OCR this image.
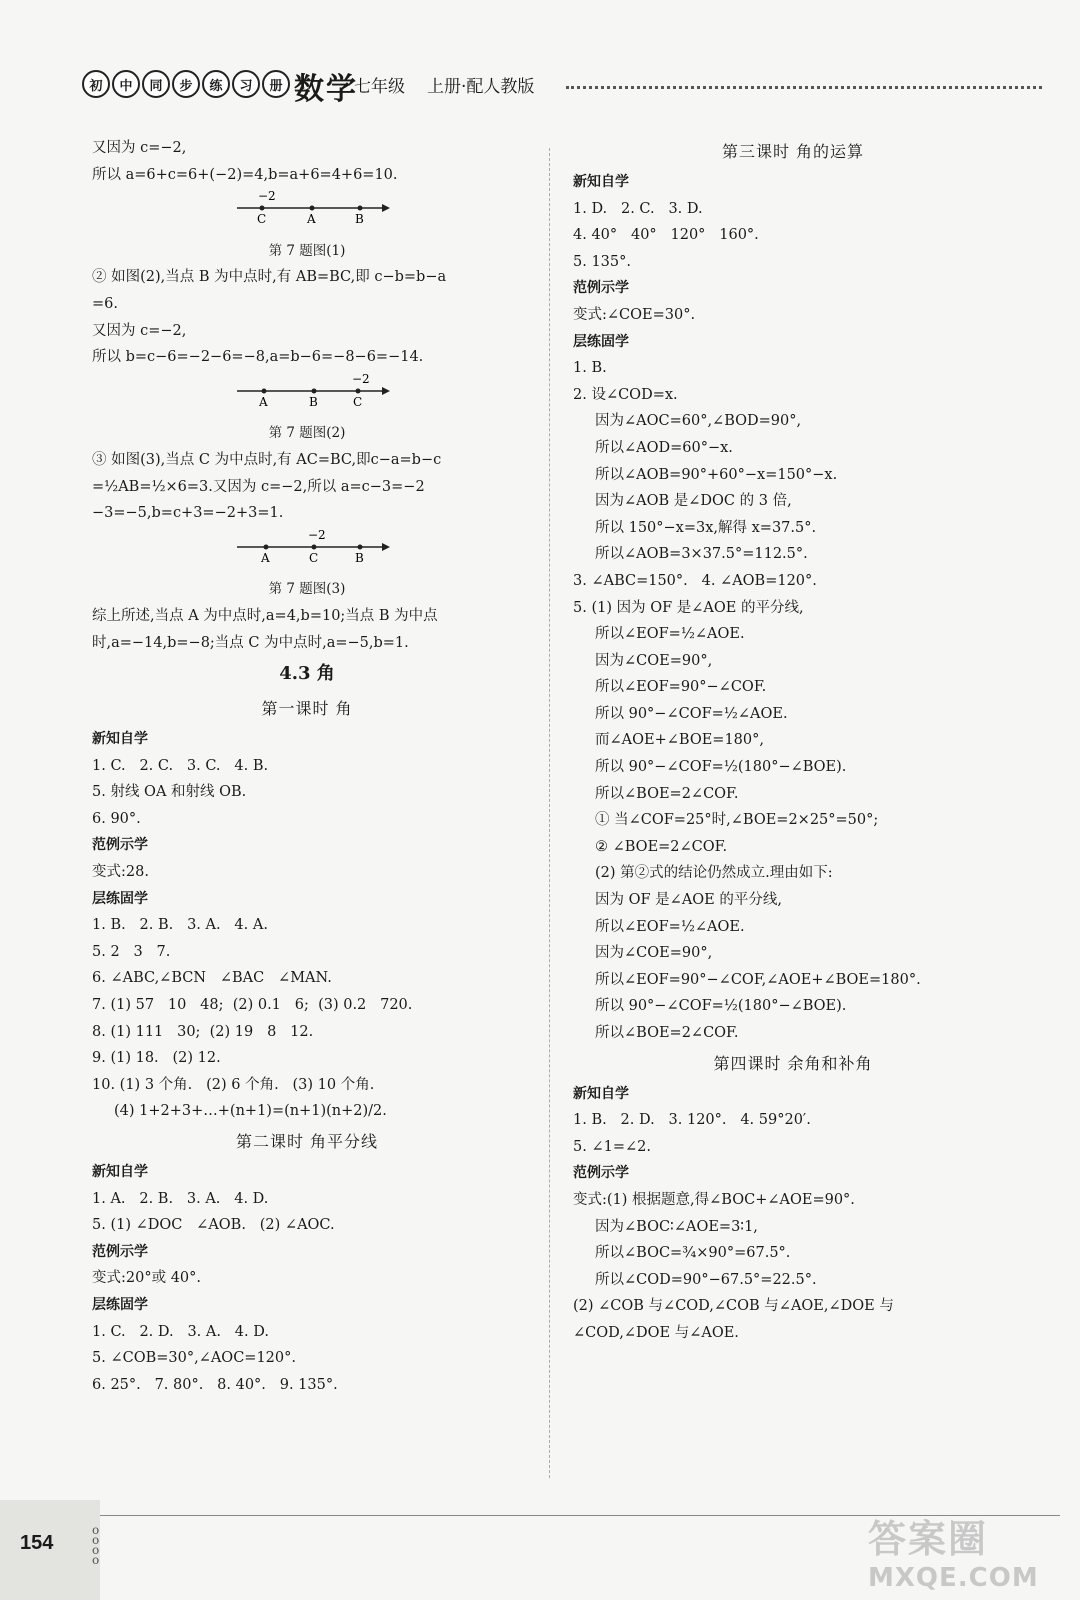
初	中	同	步	练	习	册 数学
七年级 上册·配人教版
又因为 c=−2,
所以 a=6+c=6+(−2)=4,b=a+6=4+6=10.
−2
C	A	B
第 7 题图(1)
② 如图(2),当点 B 为中点时,有 AB=BC,即 c−b=b−a
=6.
又因为 c=−2,
所以 b=c−6=−2−6=−8,a=b−6=−8−6=−14.
−2
A	B	C
第 7 题图(2)
③ 如图(3),当点 C 为中点时,有 AC=BC,即c−a=b−c
=½AB=½×6=3.又因为 c=−2,所以 a=c−3=−2
−3=−5,b=c+3=−2+3=1.
−2
A	C	B
第 7 题图(3)
综上所述,当点 A 为中点时,a=4,b=10;当点 B 为中点
时,a=−14,b=−8;当点 C 为中点时,a=−5,b=1.
4.3 角
第一课时 角
新知自学
1. C.   2. C.   3. C.   4. B.
5. 射线 OA 和射线 OB.
6. 90°.
范例示学
变式:28.
层练固学
1. B.   2. B.   3. A.   4. A.
5. 2   3   7.
6. ∠ABC,∠BCN   ∠BAC   ∠MAN.
7. (1) 57   10   48;  (2) 0.1   6;  (3) 0.2   720.
8. (1) 111   30;  (2) 19   8   12.
9. (1) 18.   (2) 12.
10. (1) 3 个角.   (2) 6 个角.   (3) 10 个角.
(4) 1+2+3+…+(n+1)=(n+1)(n+2)/2.
第二课时 角平分线
新知自学
1. A.   2. B.   3. A.   4. D.
5. (1) ∠DOC   ∠AOB.   (2) ∠AOC.
范例示学
变式:20°或 40°.
层练固学
1. C.   2. D.   3. A.   4. D.
5. ∠COB=30°,∠AOC=120°.
6. 25°.   7. 80°.   8. 40°.   9. 135°.
第三课时 角的运算
新知自学
1. D.   2. C.   3. D.
4. 40°   40°   120°   160°.
5. 135°.
范例示学
变式:∠COE=30°.
层练固学
1. B.
2. 设∠COD=x.
因为∠AOC=60°,∠BOD=90°,
所以∠AOD=60°−x.
所以∠AOB=90°+60°−x=150°−x.
因为∠AOB 是∠DOC 的 3 倍,
所以 150°−x=3x,解得 x=37.5°.
所以∠AOB=3×37.5°=112.5°.
3. ∠ABC=150°.   4. ∠AOB=120°.
5. (1) 因为 OF 是∠AOE 的平分线,
所以∠EOF=½∠AOE.
因为∠COE=90°,
所以∠EOF=90°−∠COF.
所以 90°−∠COF=½∠AOE.
而∠AOE+∠BOE=180°,
所以 90°−∠COF=½(180°−∠BOE).
所以∠BOE=2∠COF.
① 当∠COF=25°时,∠BOE=2×25°=50°;
② ∠BOE=2∠COF.
(2) 第②式的结论仍然成立.理由如下:
因为 OF 是∠AOE 的平分线,
所以∠EOF=½∠AOE.
因为∠COE=90°,
所以∠EOF=90°−∠COF,∠AOE+∠BOE=180°.
所以 90°−∠COF=½(180°−∠BOE).
所以∠BOE=2∠COF.
第四课时 余角和补角
新知自学
1. B.   2. D.   3. 120°.   4. 59°20′.
5. ∠1=∠2.
范例示学
变式:(1) 根据题意,得∠BOC+∠AOE=90°.
因为∠BOC∶∠AOE=3∶1,
所以∠BOC=¾×90°=67.5°.
所以∠COD=90°−67.5°=22.5°.
(2) ∠COB 与∠COD,∠COB 与∠AOE,∠DOE 与
∠COD,∠DOE 与∠AOE.
154
o
o
o
o	答案圈
MXQE.COM
